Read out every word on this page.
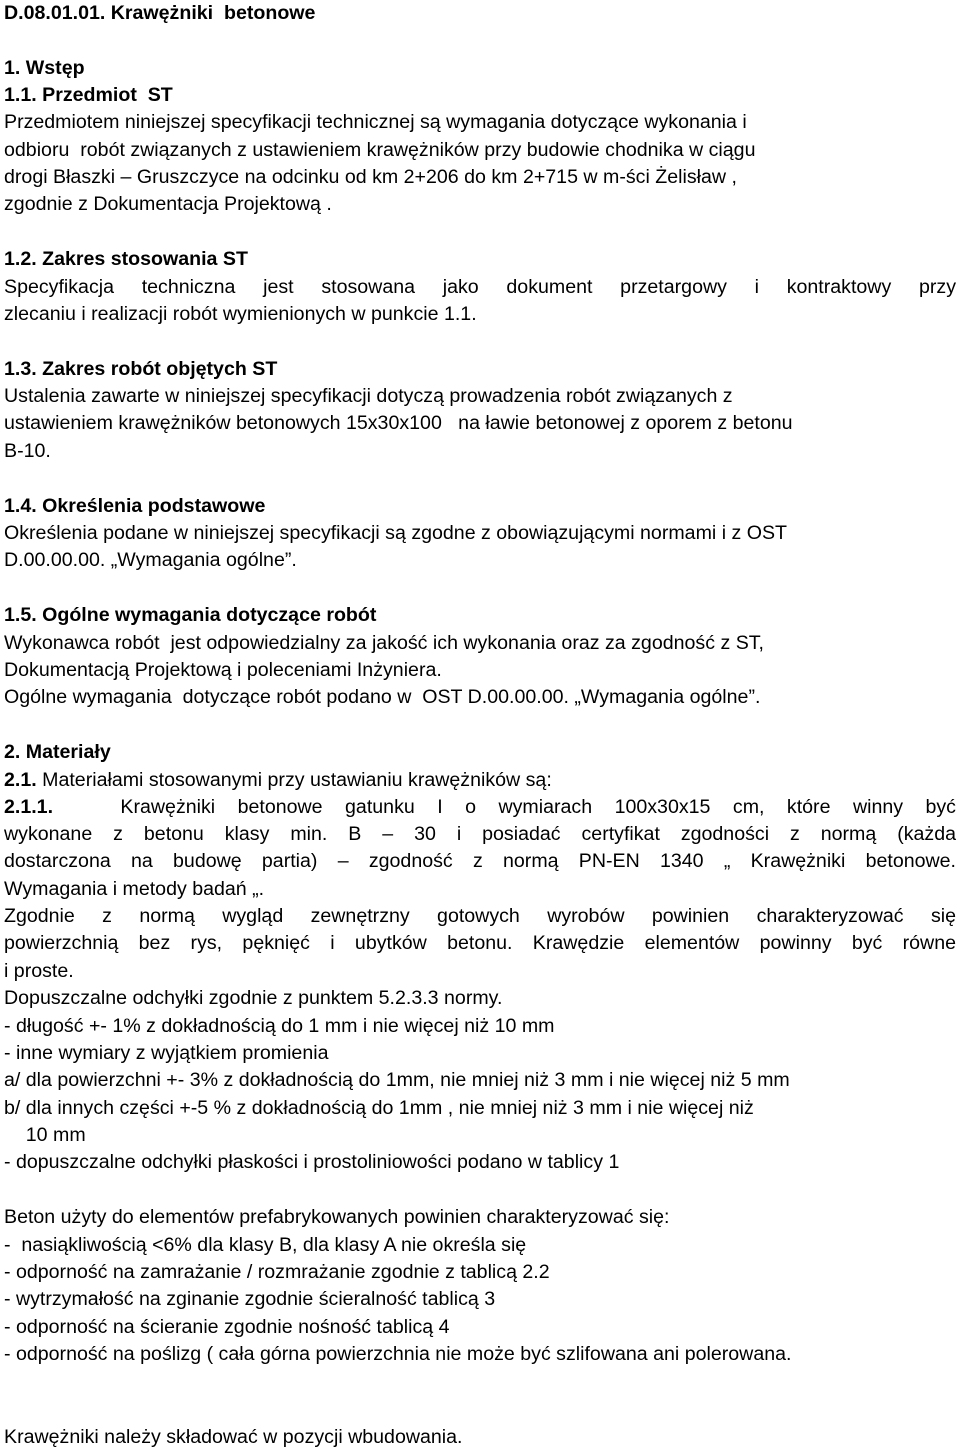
D.08.01.01. Krawężniki  betonowe
1. Wstęp
1.1. Przedmiot  ST
Przedmiotem niniejszej specyfikacji technicznej są wymagania dotyczące wykonania i
odbioru  robót związanych z ustawieniem krawężników przy budowie chodnika w ciągu
drogi Błaszki – Gruszczyce na odcinku od km 2+206 do km 2+715 w m-ści Żelisław ,
zgodnie z Dokumentacja Projektową .
1.2. Zakres stosowania ST
Specyfikacja techniczna jest stosowana jako dokument przetargowy i kontraktowy przy
zlecaniu i realizacji robót wymienionych w punkcie 1.1.
1.3. Zakres robót objętych ST
Ustalenia zawarte w niniejszej specyfikacji dotyczą prowadzenia robót związanych z
ustawieniem krawężników betonowych 15x30x100   na ławie betonowej z oporem z betonu
B-10.
1.4. Określenia podstawowe
Określenia podane w niniejszej specyfikacji są zgodne z obowiązującymi normami i z OST
D.00.00.00. „Wymagania ogólne”.
1.5. Ogólne wymagania dotyczące robót
Wykonawca robót  jest odpowiedzialny za jakość ich wykonania oraz za zgodność z ST,
Dokumentacją Projektową i poleceniami Inżyniera.
Ogólne wymagania  dotyczące robót podano w  OST D.00.00.00. „Wymagania ogólne”.
2. Materiały
2.1. Materiałami stosowanymi przy ustawianiu krawężników są:
2.1.1.	Krawężniki betonowe gatunku I o wymiarach 100x30x15 cm, które winny być
wykonane z betonu klasy min. B – 30 i posiadać certyfikat zgodności z normą (każda
dostarczona na budowę partia) – zgodność z normą PN-EN 1340 „ Krawężniki betonowe.
Wymagania i metody badań „.
Zgodnie z normą wygląd zewnętrzny gotowych wyrobów powinien charakteryzować się
powierzchnią bez rys, pęknięć i ubytków betonu. Krawędzie elementów powinny być równe
i proste.
Dopuszczalne odchyłki zgodnie z punktem 5.2.3.3 normy.
- długość +- 1% z dokładnością do 1 mm i nie więcej niż 10 mm
- inne wymiary z wyjątkiem promienia
a/ dla powierzchni +- 3% z dokładnością do 1mm, nie mniej niż 3 mm i nie więcej niż 5 mm
b/ dla innych części +-5 % z dokładnością do 1mm , nie mniej niż 3 mm i nie więcej niż
10 mm
- dopuszczalne odchyłki płaskości i prostoliniowości podano w tablicy 1
Beton użyty do elementów prefabrykowanych powinien charakteryzować się:
-  nasiąkliwością <6% dla klasy B, dla klasy A nie określa się
- odporność na zamrażanie / rozmrażanie zgodnie z tablicą 2.2
- wytrzymałość na zginanie zgodnie ścieralność tablicą 3
- odporność na ścieranie zgodnie nośność tablicą 4
- odporność na poślizg ( cała górna powierzchnia nie może być szlifowana ani polerowana.
Krawężniki należy składować w pozycji wbudowania.
